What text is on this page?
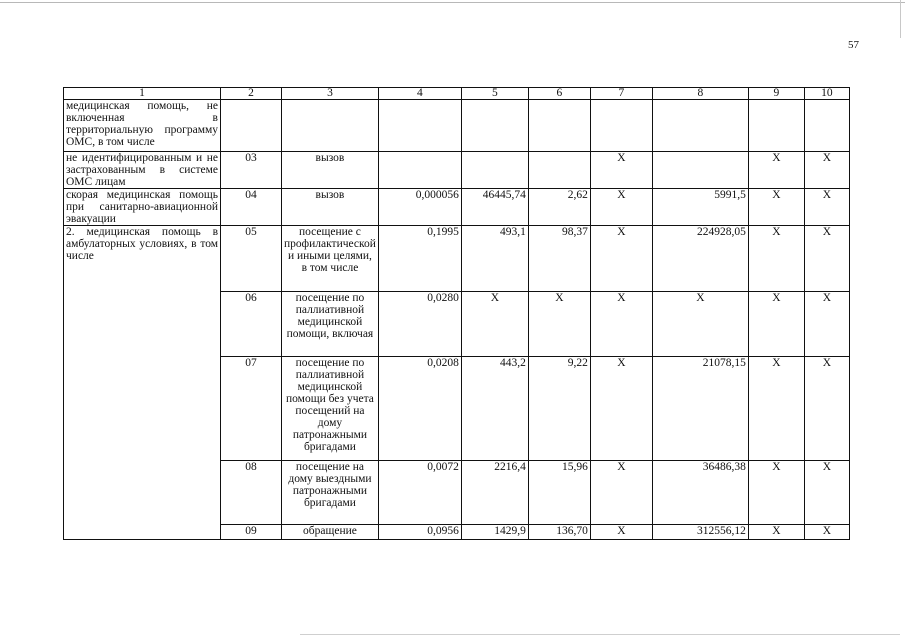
57
1	2	3	4	5	6	7	8	9	10
медицинская помощь, не включенная в территориальную программу ОМС, в том числе									
не идентифицированным и не застрахованным в системе ОМС лицам	03	вызов				Х		Х	Х
скорая медицинская помощь при санитарно-авиационной эвакуации	04	вызов	0,000056	46445,74	2,62	Х	5991,5	Х	Х
2. медицинская помощь в амбулаторных условиях, в том числе	05	посещение с профилактической и иными целями, в том числе	0,1995	493,1	98,37	Х	224928,05	Х	Х
	06	посещение по паллиативной медицинской помощи, включая	0,0280	Х	Х	Х	Х	Х	Х
	07	посещение по паллиативной медицинской помощи без учета посещений на дому патронажными бригадами	0,0208	443,2	9,22	Х	21078,15	Х	Х
	08	посещение на дому выездными патронажными бригадами	0,0072	2216,4	15,96	Х	36486,38	Х	Х
	09	обращение	0,0956	1429,9	136,70	Х	312556,12	Х	Х
